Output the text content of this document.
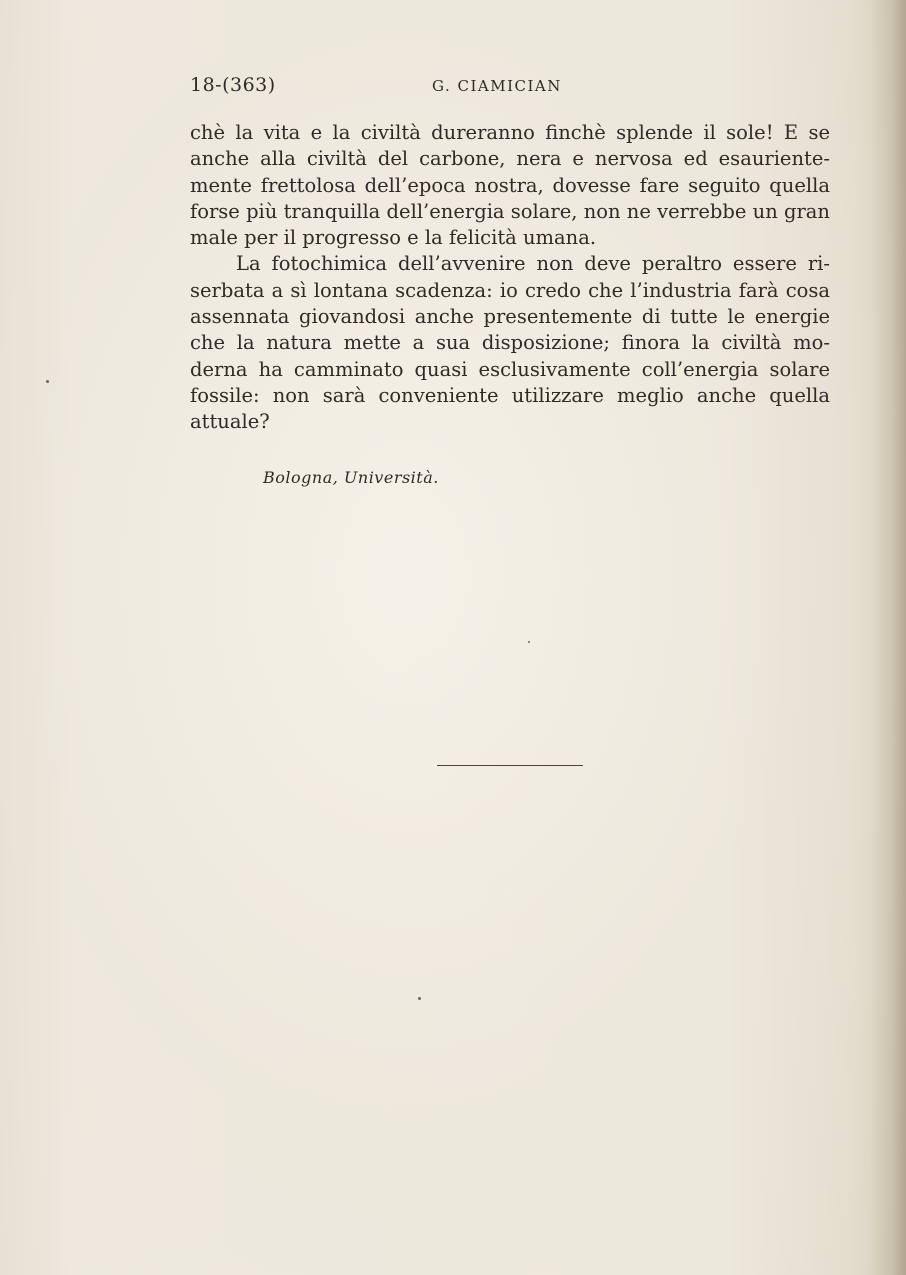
18-(363)	G. CIAMICIAN
chè la vita e la civiltà dureranno finchè splende il sole! E se
anche alla civiltà del carbone, nera e nervosa ed esauriente-
mente frettolosa dell’epoca nostra, dovesse fare seguito quella
forse più tranquilla dell’energia solare, non ne verrebbe un gran
male per il progresso e la felicità umana.
La fotochimica dell’avvenire non deve peraltro essere ri-
serbata a sì lontana scadenza: io credo che l’industria farà cosa
assennata giovandosi anche presentemente di tutte le energie
che la natura mette a sua disposizione; finora la civiltà mo-
derna ha camminato quasi esclusivamente coll’energia solare
fossile: non sarà conveniente utilizzare meglio anche quella
attuale?
Bologna, Università.
